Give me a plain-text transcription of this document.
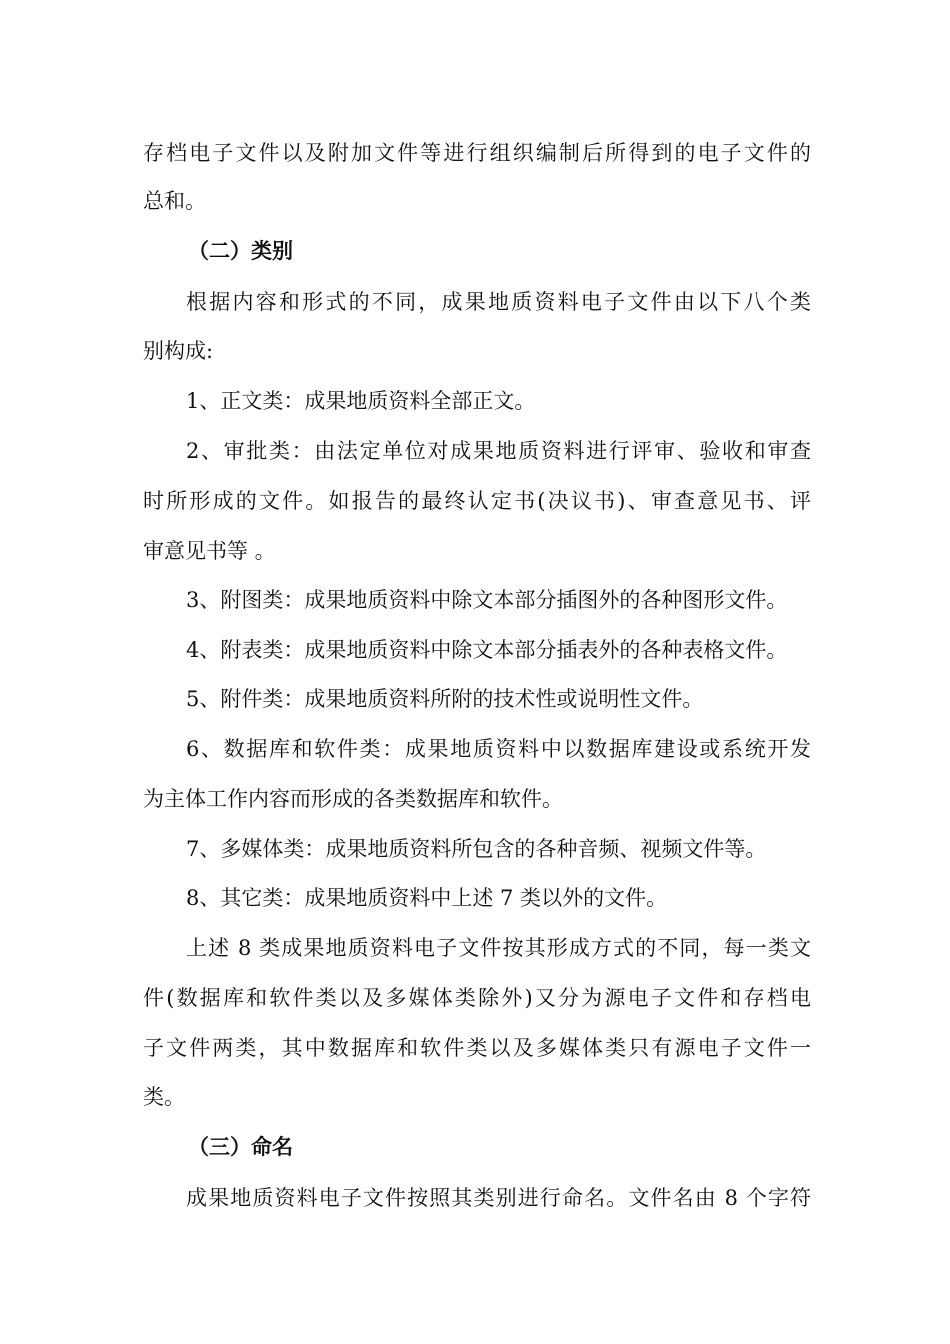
存档电子文件以及附加文件等进行组织编制后所得到的电子文件的
总和。
（二）类别
根据内容和形式的不同，成果地质资料电子文件由以下八个类
别构成:
1、正文类：成果地质资料全部正文。
2、审批类：由法定单位对成果地质资料进行评审、验收和审查
时所形成的文件。如报告的最终认定书(决议书)、审查意见书、评
审意见书等 。
3、附图类：成果地质资料中除文本部分插图外的各种图形文件。
4、附表类：成果地质资料中除文本部分插表外的各种表格文件。
5、附件类：成果地质资料所附的技术性或说明性文件。
6、数据库和软件类：成果地质资料中以数据库建设或系统开发
为主体工作内容而形成的各类数据库和软件。
7、多媒体类：成果地质资料所包含的各种音频、视频文件等。
8、其它类：成果地质资料中上述 7 类以外的文件。
上述 8 类成果地质资料电子文件按其形成方式的不同，每一类文
件(数据库和软件类以及多媒体类除外)又分为源电子文件和存档电
子文件两类，其中数据库和软件类以及多媒体类只有源电子文件一
类。
（三）命名
成果地质资料电子文件按照其类别进行命名。文件名由 8 个字符
